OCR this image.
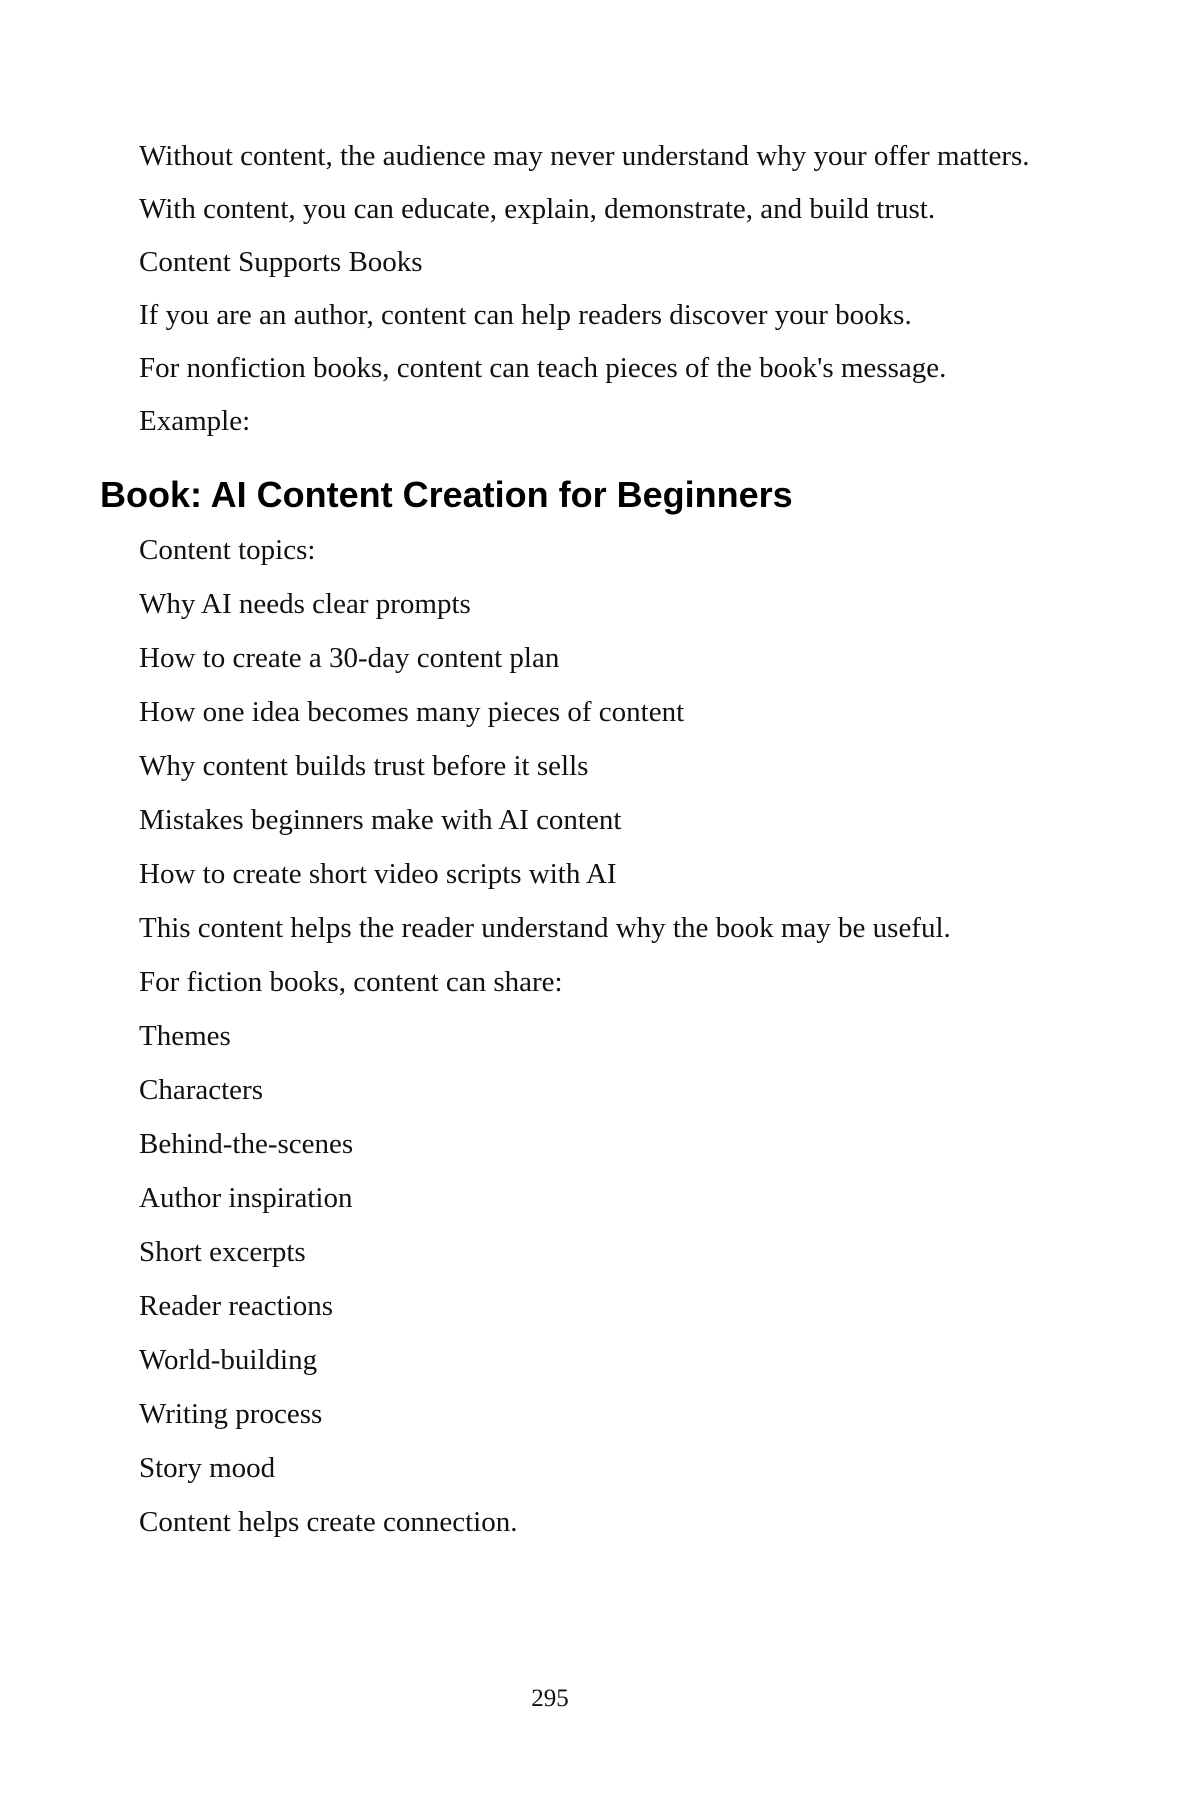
Without content, the audience may never understand why your offer matters.

With content, you can educate, explain, demonstrate, and build trust.

Content Supports Books

If you are an author, content can help readers discover your books.

For nonfiction books, content can teach pieces of the book's message.

Example:

Book: AI Content Creation for Beginners
Content topics:
Why AI needs clear prompts
How to create a 30-day content plan
How one idea becomes many pieces of content
Why content builds trust before it sells
Mistakes beginners make with AI content
How to create short video scripts with AI
This content helps the reader understand why the book may be useful.
For fiction books, content can share:
Themes
Characters
Behind-the-scenes
Author inspiration
Short excerpts
Reader reactions
World-building
Writing process
Story mood
Content helps create connection.
295
